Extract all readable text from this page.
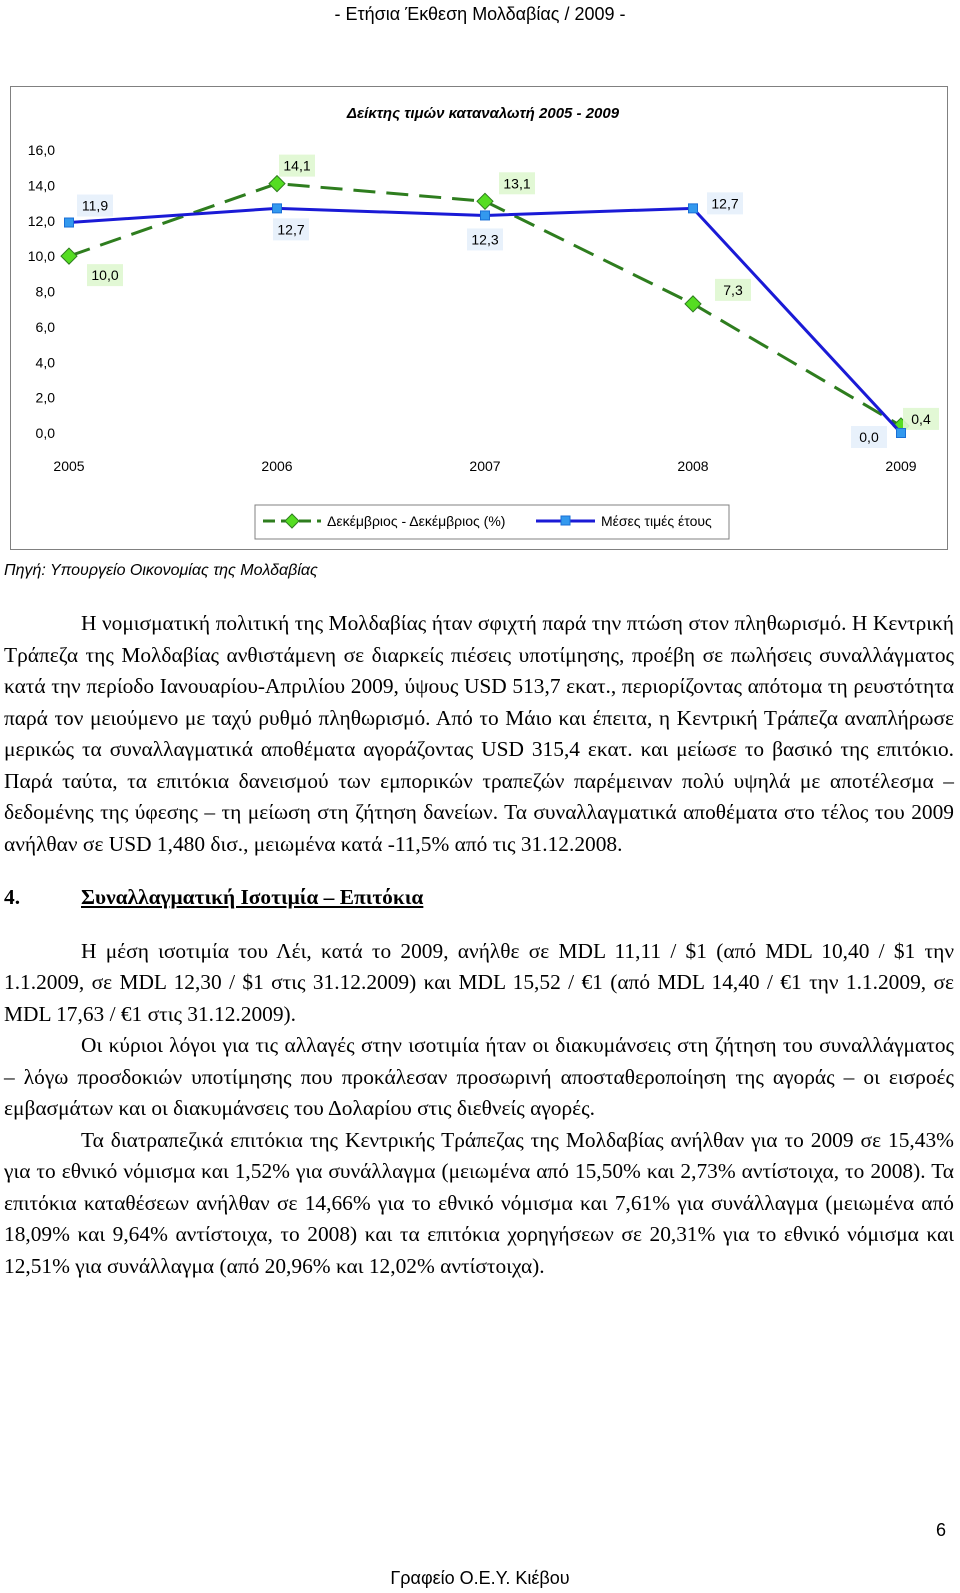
- Ετήσια Έκθεση Μολδαβίας / 2009 -
Δείκτης τιμών καταναλωτή 2005 - 2009
0,0
2,0
4,0
6,0
8,0
10,0
12,0
14,0
16,0
2005	2006	2007	2008	2009
10,0
14,1
13,1
7,3
0,4
11,9
12,7
12,3
12,7
0,0
Δεκέμβριος - Δεκέμβριος (%)	Μέσες τιμές έτους
Πηγή: Υπουργείο Οικονομίας της Μολδαβίας

Η νομισματική πολιτική της Μολδαβίας ήταν σφιχτή παρά την πτώση στον πληθωρισμό. Η Κεντρική Τράπεζα της Μολδαβίας ανθιστάμενη σε διαρκείς πιέσεις υποτίμησης, προέβη σε πωλήσεις συναλλάγματος κατά την περίοδο Ιανουαρίου-Απριλίου 2009, ύψους USD 513,7 εκατ., περιορίζοντας απότομα τη ρευστότητα παρά τον μειούμενο με ταχύ ρυθμό πληθωρισμό. Από το Μάιο και έπειτα, η Κεντρική Τράπεζα αναπλήρωσε μερικώς τα συναλλαγματικά αποθέματα αγοράζοντας USD 315,4 εκατ. και μείωσε το βασικό της επιτόκιο. Παρά ταύτα, τα επιτόκια δανεισμού των εμπορικών τραπεζών παρέμειναν πολύ υψηλά με αποτέλεσμα – δεδομένης της ύφεσης – τη μείωση στη ζήτηση δανείων. Τα συναλλαγματικά αποθέματα στο τέλος του 2009 ανήλθαν σε USD 1,480 δισ., μειωμένα κατά -11,5% από τις 31.12.2008.

4.	Συναλλαγματική Ισοτιμία – Επιτόκια

Η μέση ισοτιμία του Λέι, κατά το 2009, ανήλθε σε MDL 11,11 / $1 (από MDL 10,40 / $1 την 1.1.2009, σε MDL 12,30 / $1 στις 31.12.2009) και MDL 15,52 / €1 (από MDL 14,40 / €1 την 1.1.2009, σε MDL 17,63 / €1 στις 31.12.2009).

Οι κύριοι λόγοι για τις αλλαγές στην ισοτιμία ήταν οι διακυμάνσεις στη ζήτηση του συναλλάγματος – λόγω προσδοκιών υποτίμησης που προκάλεσαν προσωρινή αποσταθεροποίηση της αγοράς – οι εισροές εμβασμάτων και οι διακυμάνσεις του Δολαρίου στις διεθνείς αγορές.

Τα διατραπεζικά επιτόκια της Κεντρικής Τράπεζας της Μολδαβίας ανήλθαν για το 2009 σε 15,43% για το εθνικό νόμισμα και 1,52% για συνάλλαγμα (μειωμένα από 15,50% και 2,73% αντίστοιχα, το 2008). Τα επιτόκια καταθέσεων ανήλθαν σε 14,66% για το εθνικό νόμισμα και 7,61% για συνάλλαγμα (μειωμένα από 18,09% και 9,64% αντίστοιχα, το 2008) και τα επιτόκια χορηγήσεων σε 20,31% για το εθνικό νόμισμα και 12,51% για συνάλλαγμα (από 20,96% και 12,02% αντίστοιχα).

6
Γραφείο Ο.Ε.Υ. Κιέβου
